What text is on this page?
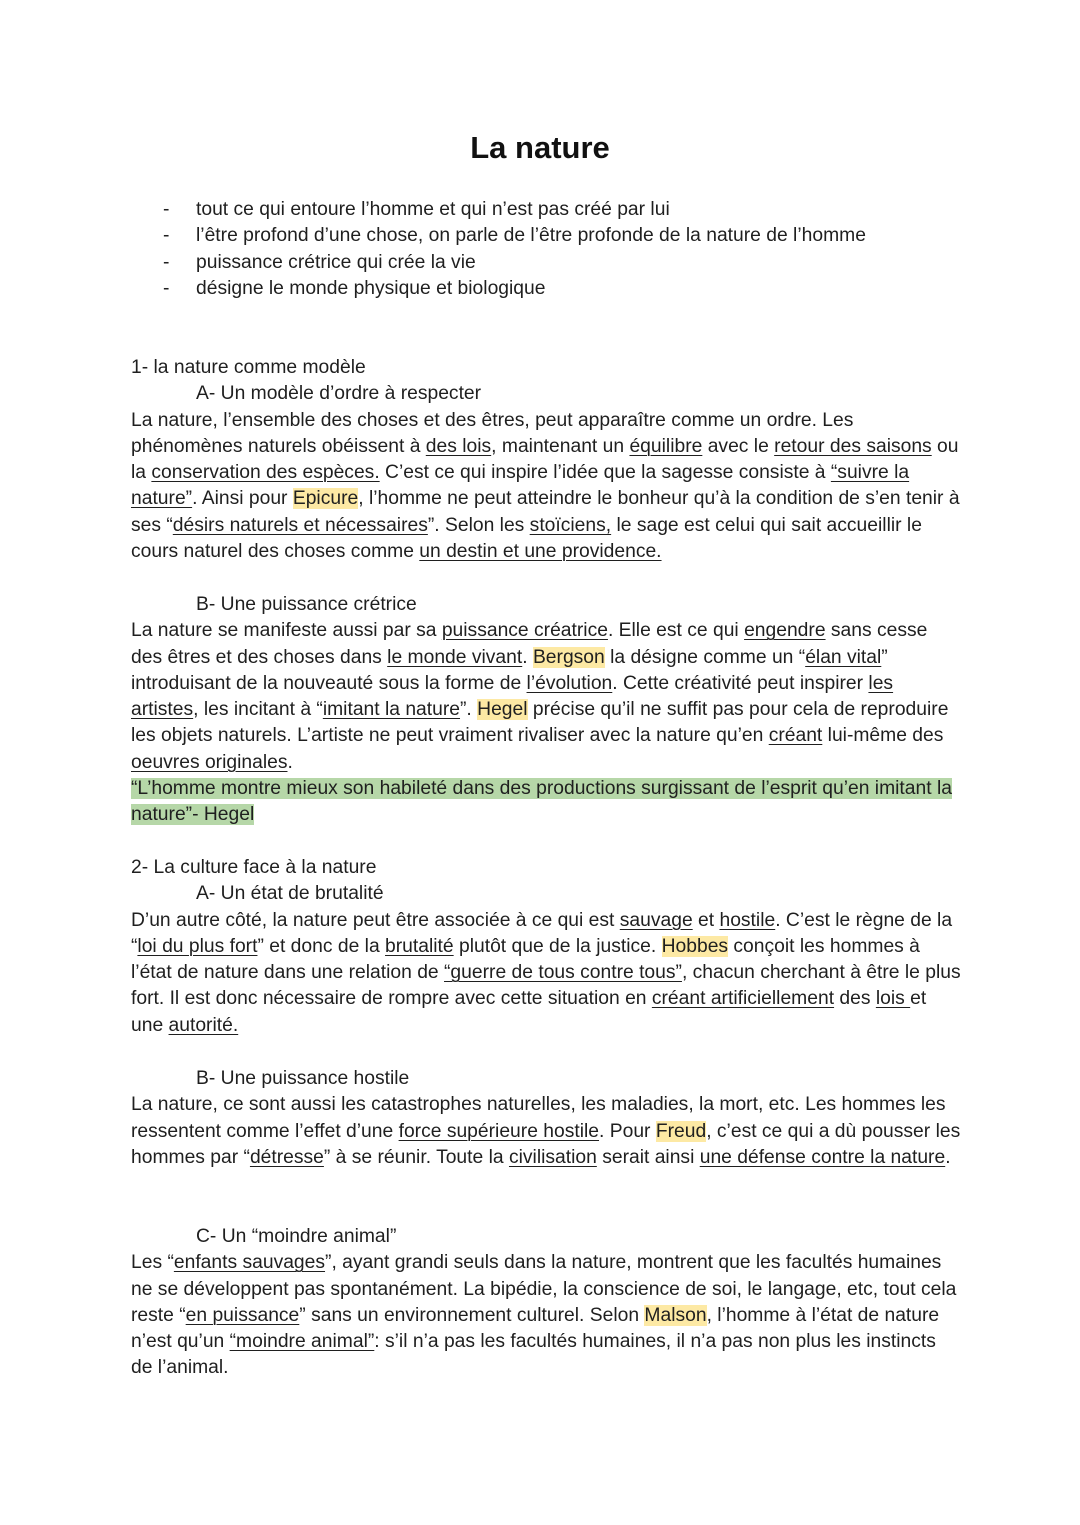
La nature
- tout ce qui entoure l’homme et qui n’est pas créé par lui
- l’être profond d’une chose, on parle de l’être profonde de la nature de l’homme
- puissance crétrice qui crée la vie
- désigne le monde physique et biologique

1- la nature comme modèle

A- Un modèle d’ordre à respecter

La nature, l’ensemble des choses et des êtres, peut apparaître comme un ordre. Les phénomènes naturels obéissent à des lois, maintenant un équilibre avec le retour des saisons ou la conservation des espèces. C’est ce qui inspire l’idée que la sagesse consiste à “suivre la nature”. Ainsi pour Epicure, l’homme ne peut atteindre le bonheur qu’à la condition de s’en tenir à ses “désirs naturels et nécessaires”. Selon les stoïciens, le sage est celui qui sait accueillir le cours naturel des choses comme un destin et une providence.

B- Une puissance crétrice

La nature se manifeste aussi par sa puissance créatrice. Elle est ce qui engendre sans cesse des êtres et des choses dans le monde vivant. Bergson la désigne comme un “élan vital” introduisant de la nouveauté sous la forme de l’évolution. Cette créativité peut inspirer les artistes, les incitant à “imitant la nature”. Hegel précise qu’il ne suffit pas pour cela de reproduire les objets naturels. L’artiste ne peut vraiment rivaliser avec la nature qu’en créant lui-même des oeuvres originales.

“L’homme montre mieux son habileté dans des productions surgissant de l’esprit qu’en imitant la nature”- Hegel

2- La culture face à la nature

A- Un état de brutalité

D’un autre côté, la nature peut être associée à ce qui est sauvage et hostile. C’est le règne de la “loi du plus fort” et donc de la brutalité plutôt que de la justice. Hobbes conçoit les hommes à l’état de nature dans une relation de “guerre de tous contre tous”, chacun cherchant à être le plus fort. Il est donc nécessaire de rompre avec cette situation en créant artificiellement des lois et une autorité.

B- Une puissance hostile

La nature, ce sont aussi les catastrophes naturelles, les maladies, la mort, etc. Les hommes les ressentent comme l’effet d’une force supérieure hostile. Pour Freud, c’est ce qui a dù pousser les hommes par “détresse” à se réunir. Toute la civilisation serait ainsi une défense contre la nature.

C- Un “moindre animal”

Les “enfants sauvages”, ayant grandi seuls dans la nature, montrent que les facultés humaines ne se développent pas spontanément. La bipédie, la conscience de soi, le langage, etc, tout cela reste “en puissance” sans un environnement culturel. Selon Malson, l’homme à l’état de nature n’est qu’un “moindre animal”: s’il n’a pas les facultés humaines, il n’a pas non plus les instincts de l’animal.
